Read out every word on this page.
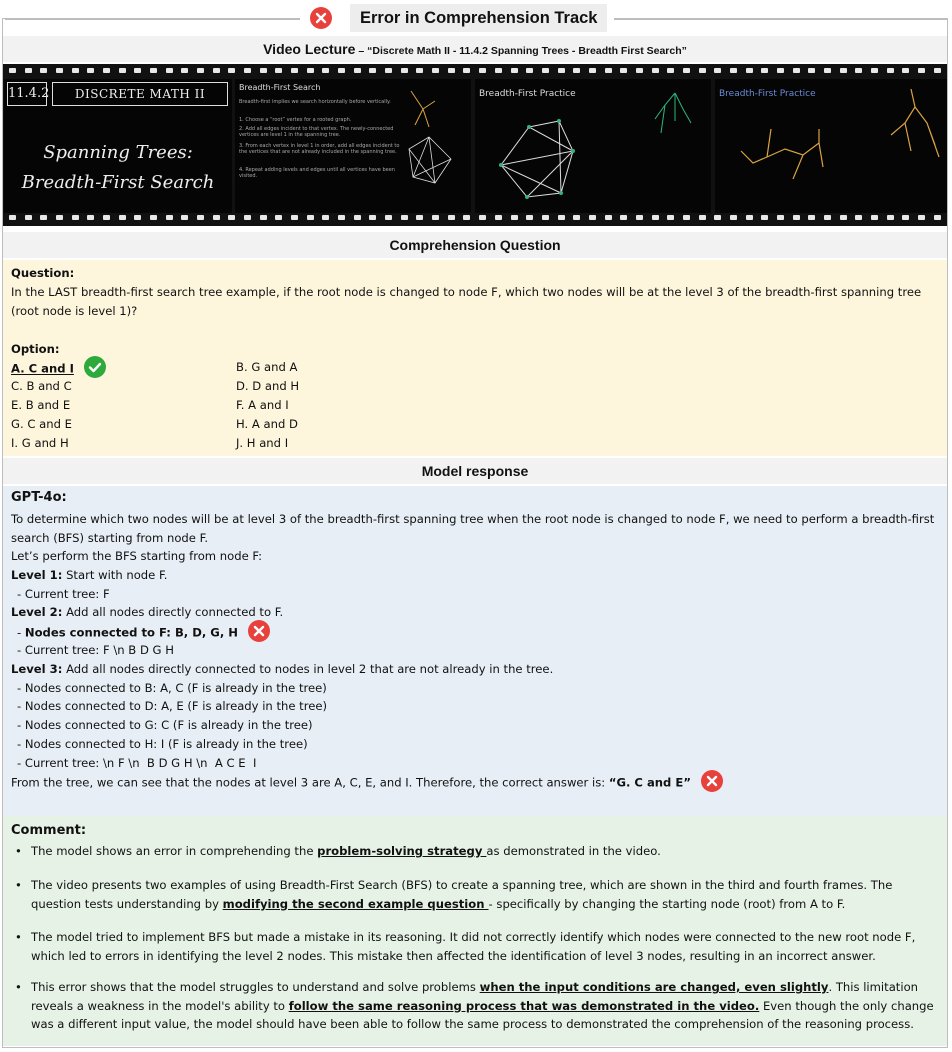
Error in Comprehension Track
Video Lecture – “Discrete Math II - 11.4.2 Spanning Trees - Breadth First Search”
11.4.2	DISCRETE MATH II
Spanning Trees:
Breadth-First Search
Breadth-First Search
Breadth-first implies we search horizontally before vertically.
1. Choose a “root” vertex for a rooted graph.
2. Add all edges incident to that vertex. The newly-connected vertices are level 1 in the spanning tree.
3. From each vertex in level 1 in order, add all edges incident to the vertices that are not already included in the spanning tree.
4. Repeat adding levels and edges until all vertices have been visited.
Breadth-First Practice	Breadth-First Practice
Comprehension Question
Question:
In the LAST breadth-first search tree example, if the root node is changed to node F, which two nodes will be at the level 3 of the breadth-first spanning tree (root node is level 1)?
Option:
A. C and I
C. B and C
E. B and E
G. C and E
I. G and H
B. G and A
D. D and H
F. A and I
H. A and D
J. H and I
Model response
GPT-4o:
To determine which two nodes will be at level 3 of the breadth-first spanning tree when the root node is changed to node F, we need to perform a breadth-first search (BFS) starting from node F.
Let’s perform the BFS starting from node F:
Level 1: Start with node F.
- Current tree: F
Level 2: Add all nodes directly connected to F.
- Nodes connected to F: B, D, G, H
- Current tree: F \n B D G H
Level 3: Add all nodes directly connected to nodes in level 2 that are not already in the tree.
- Nodes connected to B: A, C (F is already in the tree)
- Nodes connected to D: A, E (F is already in the tree)
- Nodes connected to G: C (F is already in the tree)
- Nodes connected to H: I (F is already in the tree)
- Current tree: \n F \n  B D G H \n  A C E  I
From the tree, we can see that the nodes at level 3 are A, C, E, and I. Therefore, the correct answer is: “G. C and E”
Comment:
• The model shows an error in comprehending the problem-solving strategy as demonstrated in the video.
• The video presents two examples of using Breadth-First Search (BFS) to create a spanning tree, which are shown in the third and fourth frames. The question tests understanding by modifying the second example question - specifically by changing the starting node (root) from A to F.
• The model tried to implement BFS but made a mistake in its reasoning. It did not correctly identify which nodes were connected to the new root node F, which led to errors in identifying the level 2 nodes. This mistake then affected the identification of level 3 nodes, resulting in an incorrect answer.
• This error shows that the model struggles to understand and solve problems when the input conditions are changed, even slightly. This limitation reveals a weakness in the model's ability to follow the same reasoning process that was demonstrated in the video. Even though the only change was a different input value, the model should have been able to follow the same process to demonstrated the comprehension of the reasoning process.
